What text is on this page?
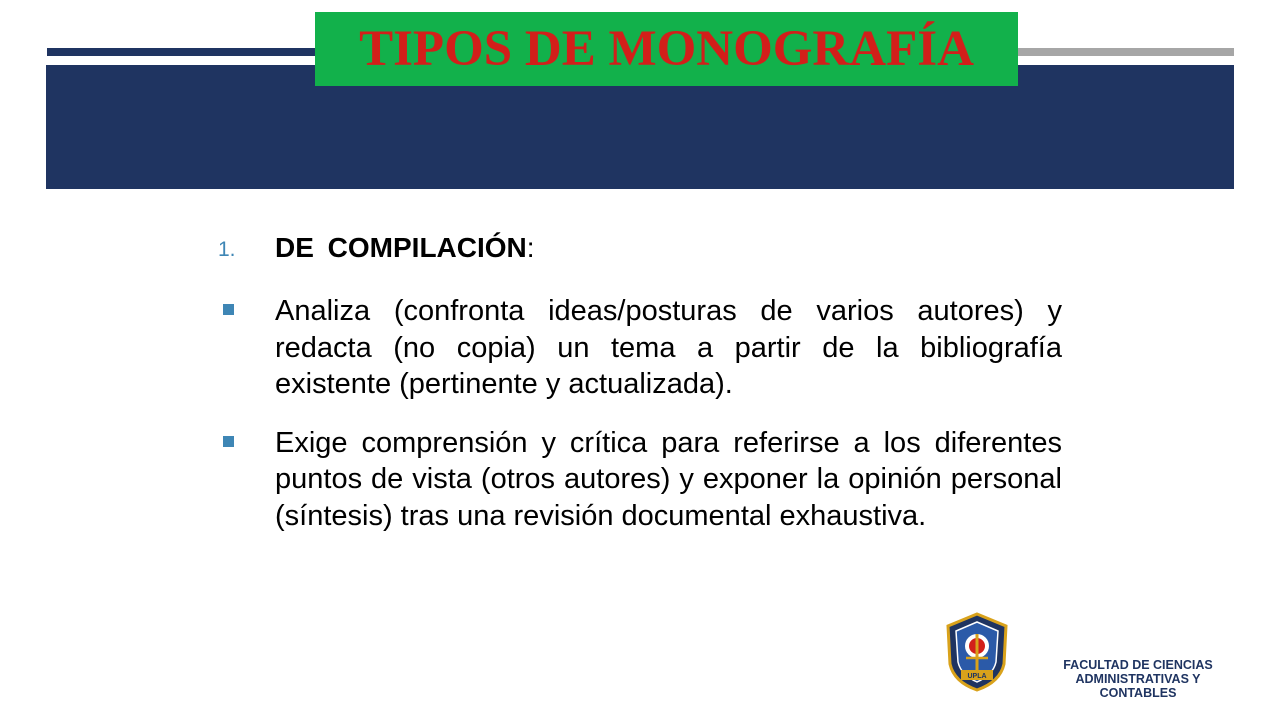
TIPOS DE MONOGRAFÍA
1. DE COMPILACIÓN:
Analiza (confronta ideas/posturas de varios autores) y redacta (no copia) un tema a partir de la bibliografía existente (pertinente y actualizada).
Exige comprensión y crítica para referirse a los diferentes puntos de vista (otros autores) y exponer la opinión personal (síntesis) tras una revisión documental exhaustiva.
UPLA
FACULTAD DE CIENCIAS
ADMINISTRATIVAS Y
CONTABLES
